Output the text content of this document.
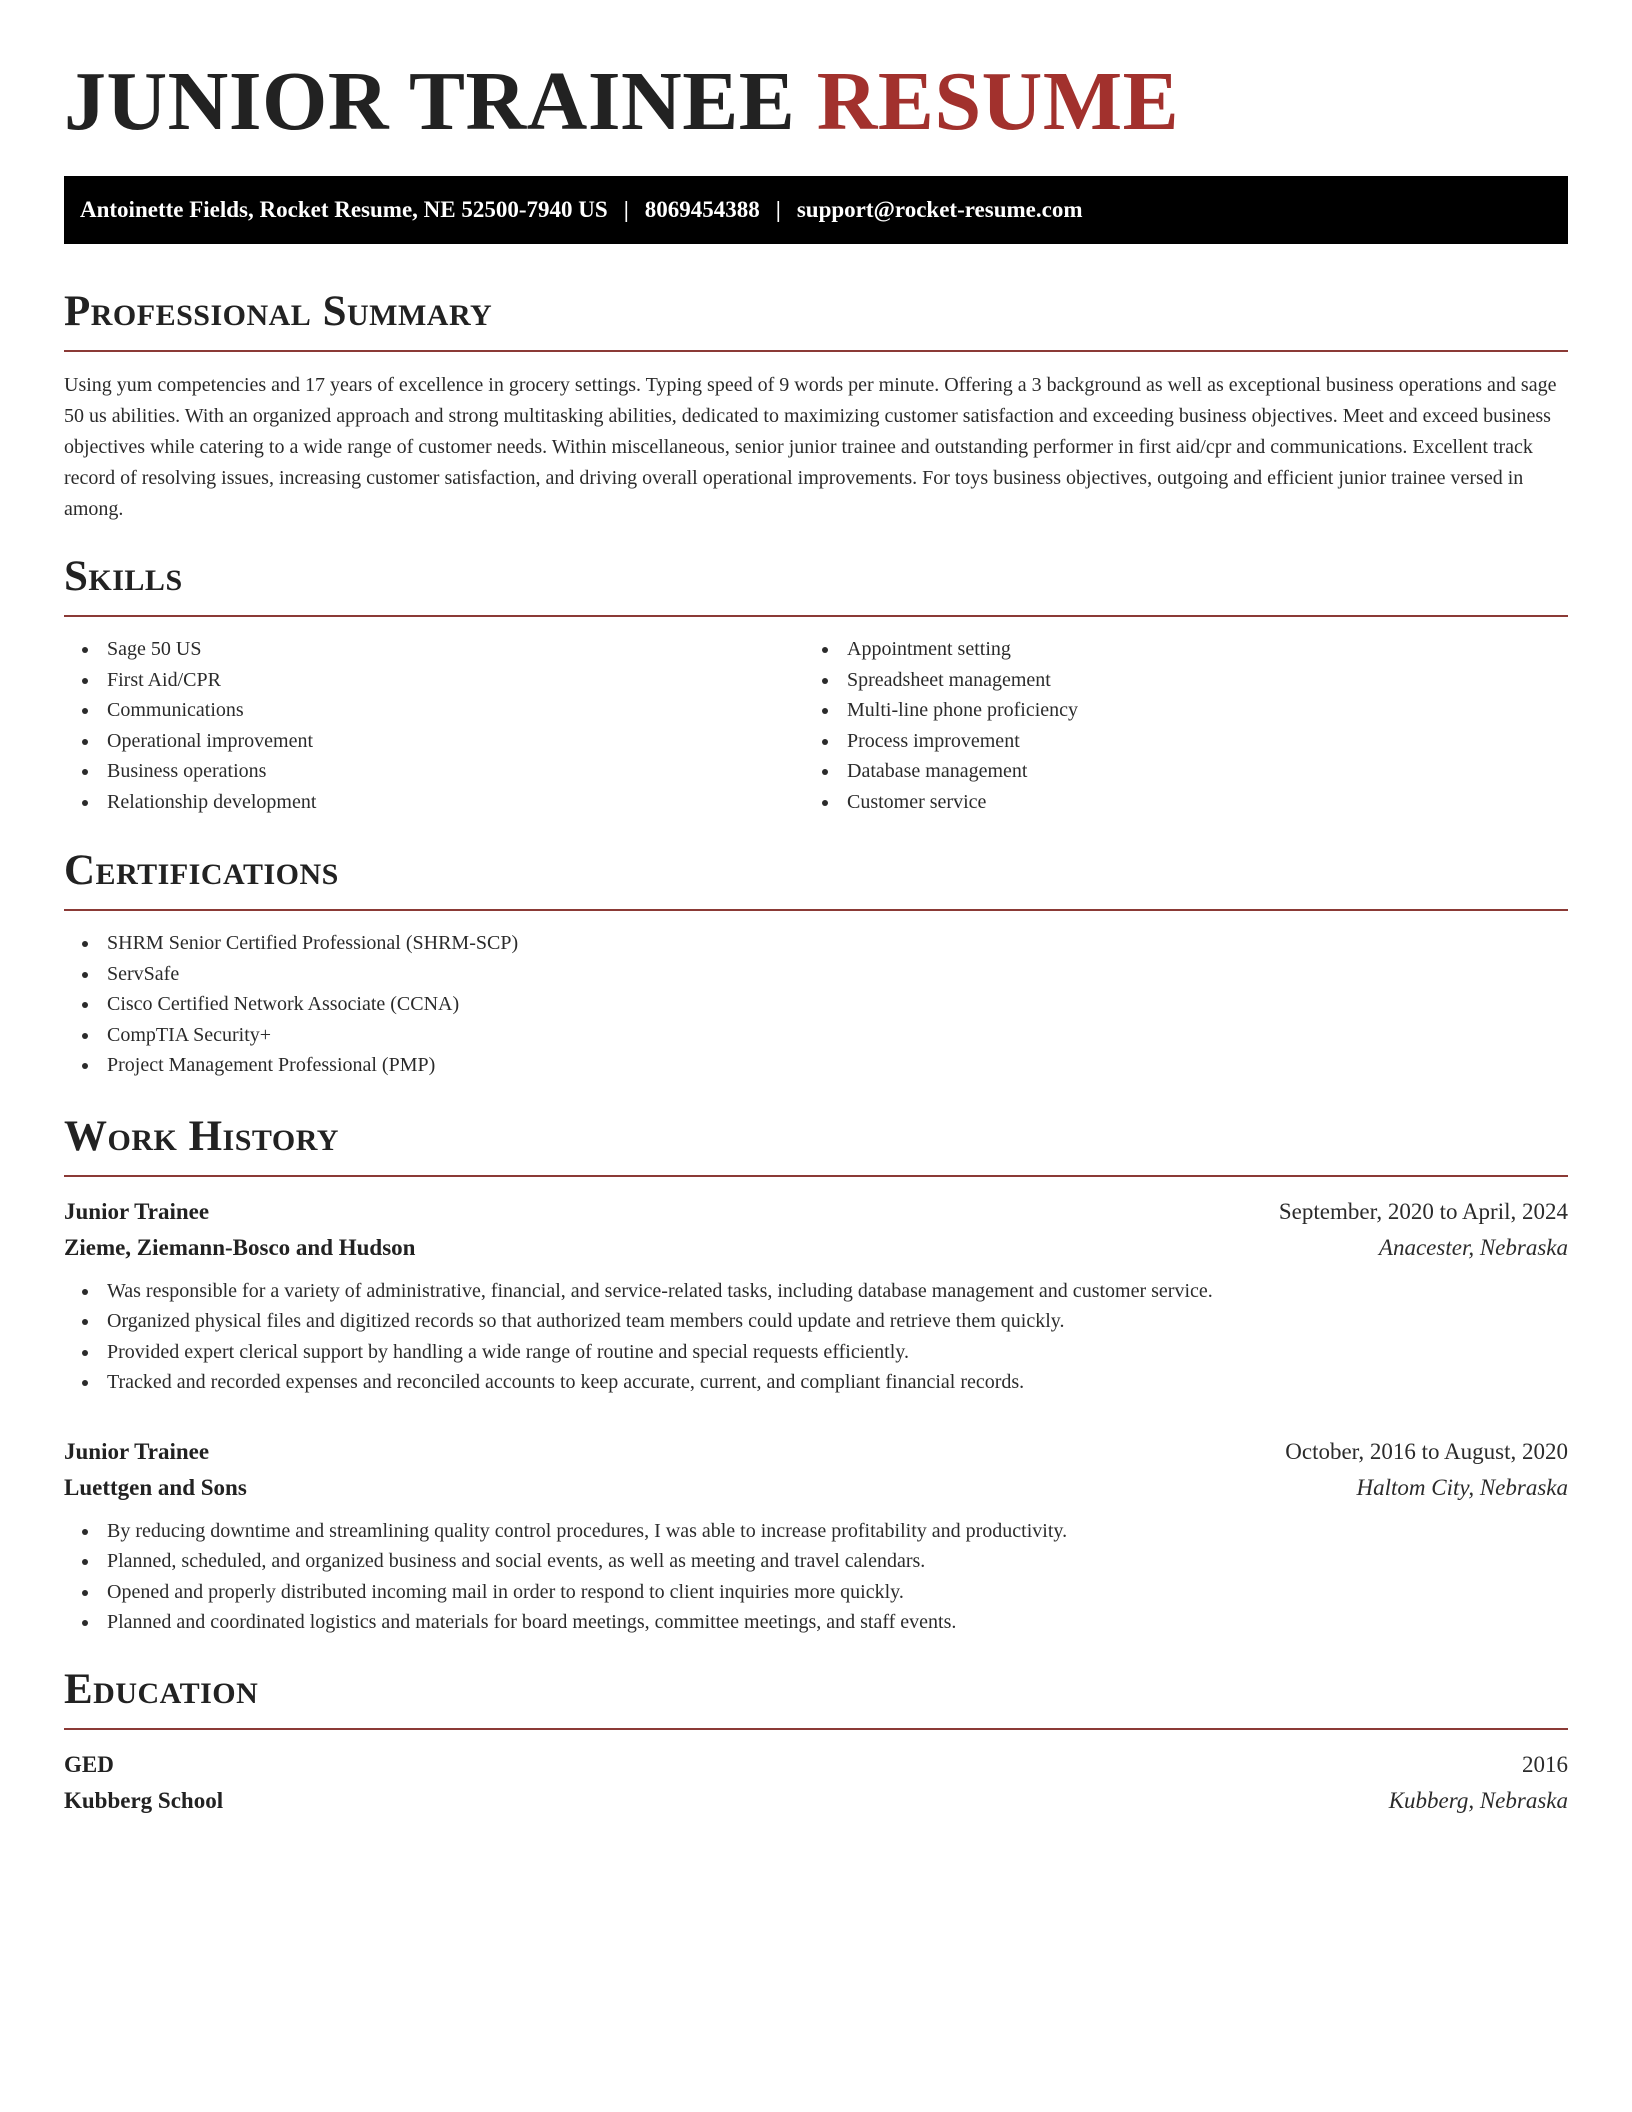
JUNIOR TRAINEE RESUME
Antoinette Fields, Rocket Resume, NE 52500-7940 US | 8069454388 | support@rocket-resume.com
Professional Summary

Using yum competencies and 17 years of excellence in grocery settings. Typing speed of 9 words per minute. Offering a 3 background as well as exceptional business operations and sage 50 us abilities. With an organized approach and strong multitasking abilities, dedicated to maximizing customer satisfaction and exceeding business objectives. Meet and exceed business objectives while catering to a wide range of customer needs. Within miscellaneous, senior junior trainee and outstanding performer in first aid/cpr and communications. Excellent track record of resolving issues, increasing customer satisfaction, and driving overall operational improvements. For toys business objectives, outgoing and efficient junior trainee versed in among.

Skills
Sage 50 US
First Aid/CPR
Communications
Operational improvement
Business operations
Relationship development
Appointment setting
Spreadsheet management
Multi-line phone proficiency
Process improvement
Database management
Customer service
Certifications
SHRM Senior Certified Professional (SHRM-SCP)
ServSafe
Cisco Certified Network Associate (CCNA)
CompTIA Security+
Project Management Professional (PMP)
Work History
Junior Trainee	September, 2020 to April, 2024
Zieme, Ziemann-Bosco and Hudson	Anacester, Nebraska
Was responsible for a variety of administrative, financial, and service-related tasks, including database management and customer service.
Organized physical files and digitized records so that authorized team members could update and retrieve them quickly.
Provided expert clerical support by handling a wide range of routine and special requests efficiently.
Tracked and recorded expenses and reconciled accounts to keep accurate, current, and compliant financial records.
Junior Trainee	October, 2016 to August, 2020
Luettgen and Sons	Haltom City, Nebraska
By reducing downtime and streamlining quality control procedures, I was able to increase profitability and productivity.
Planned, scheduled, and organized business and social events, as well as meeting and travel calendars.
Opened and properly distributed incoming mail in order to respond to client inquiries more quickly.
Planned and coordinated logistics and materials for board meetings, committee meetings, and staff events.
Education
GED	2016
Kubberg School	Kubberg, Nebraska
